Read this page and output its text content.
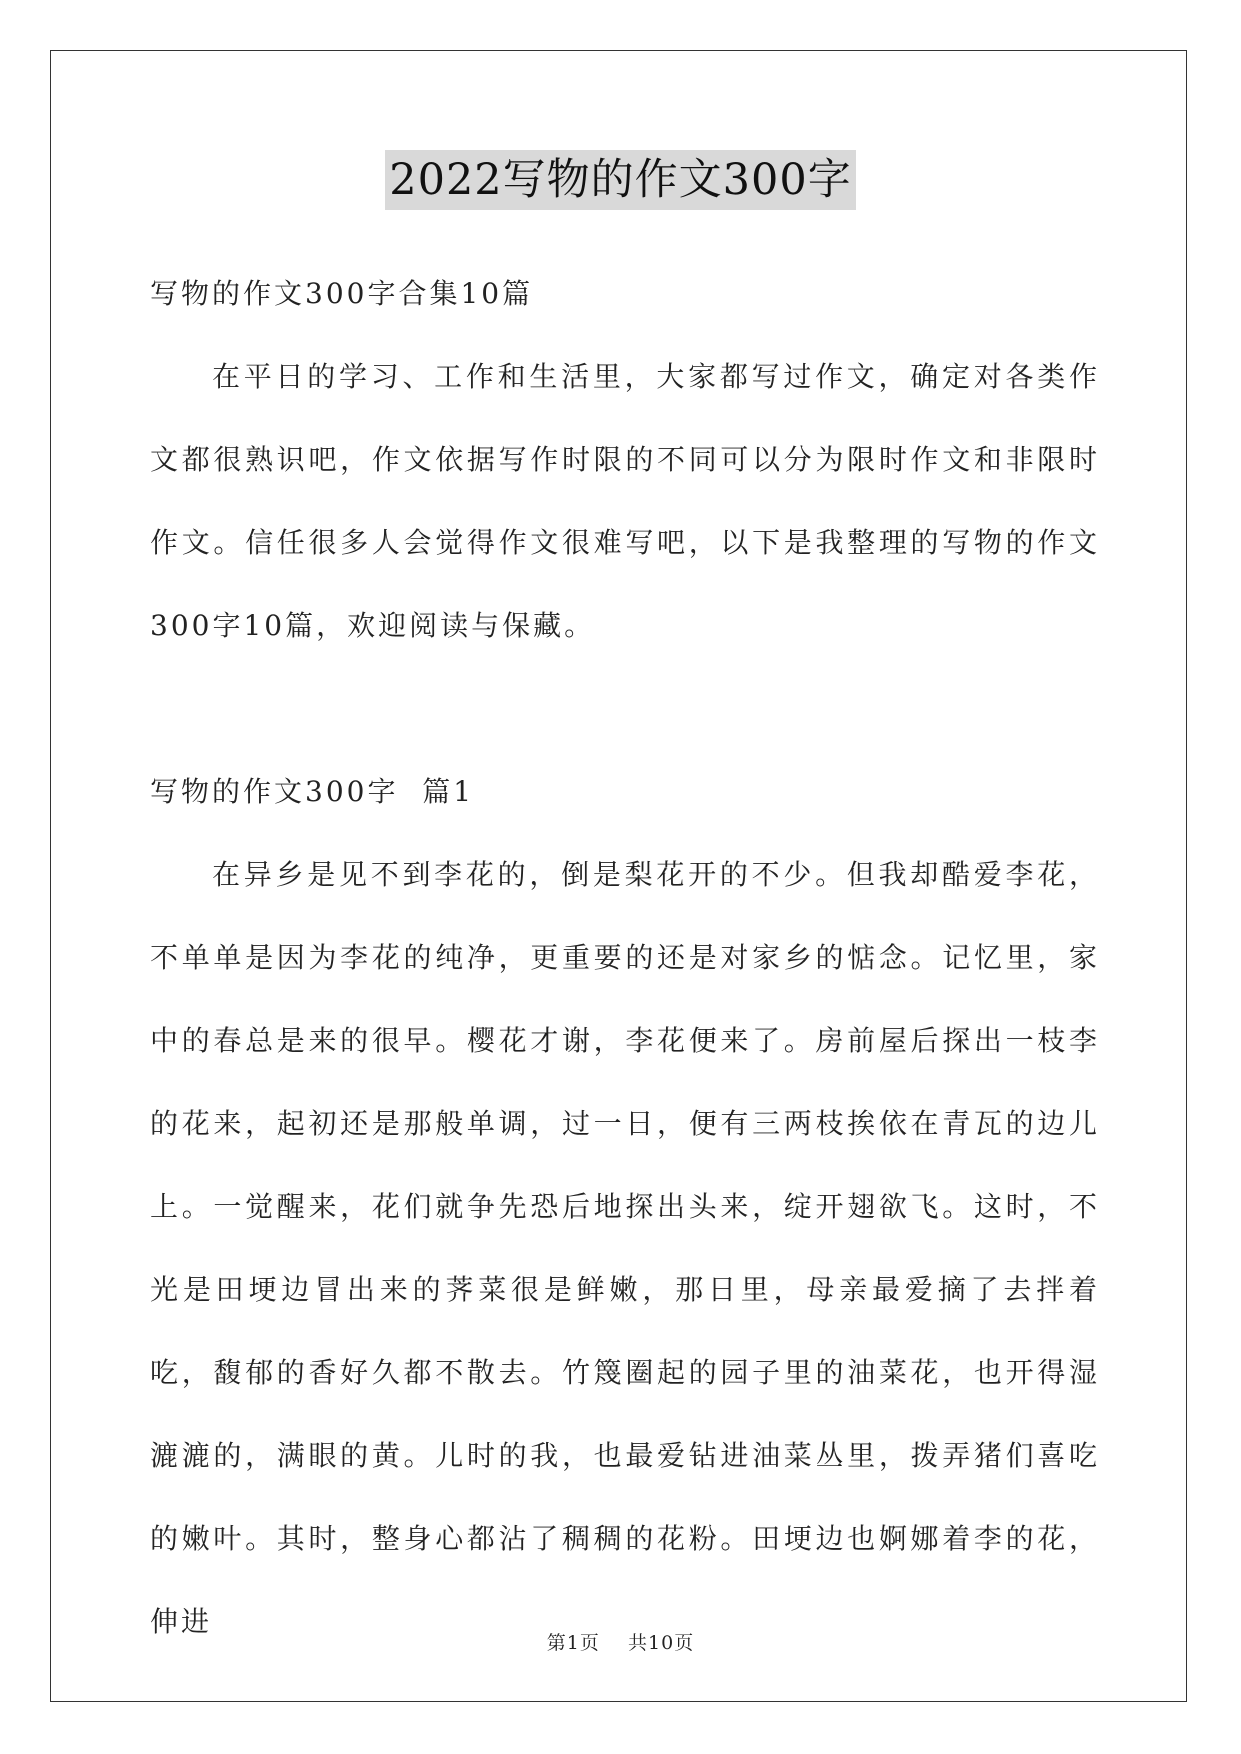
2022写物的作文300字

写物的作文300字合集10篇

在平日的学习、工作和生活里，大家都写过作文，确定对各类作文都很熟识吧，作文依据写作时限的不同可以分为限时作文和非限时作文。信任很多人会觉得作文很难写吧，以下是我整理的写物的作文300字10篇，欢迎阅读与保藏。

写物的作文300字  篇1

在异乡是见不到李花的，倒是梨花开的不少。但我却酷爱李花，不单单是因为李花的纯净，更重要的还是对家乡的惦念。记忆里，家中的春总是来的很早。樱花才谢，李花便来了。房前屋后探出一枝李的花来，起初还是那般单调，过一日，便有三两枝挨依在青瓦的边儿上。一觉醒来，花们就争先恐后地探出头来，绽开翅欲飞。这时，不光是田埂边冒出来的荠菜很是鲜嫩，那日里，母亲最爱摘了去拌着吃，馥郁的香好久都不散去。竹篾圈起的园子里的油菜花，也开得湿漉漉的，满眼的黄。儿时的我，也最爱钻进油菜丛里，拨弄猪们喜吃的嫩叶。其时，整身心都沾了稠稠的花粉。田埂边也婀娜着李的花，伸进

第1页 共10页
